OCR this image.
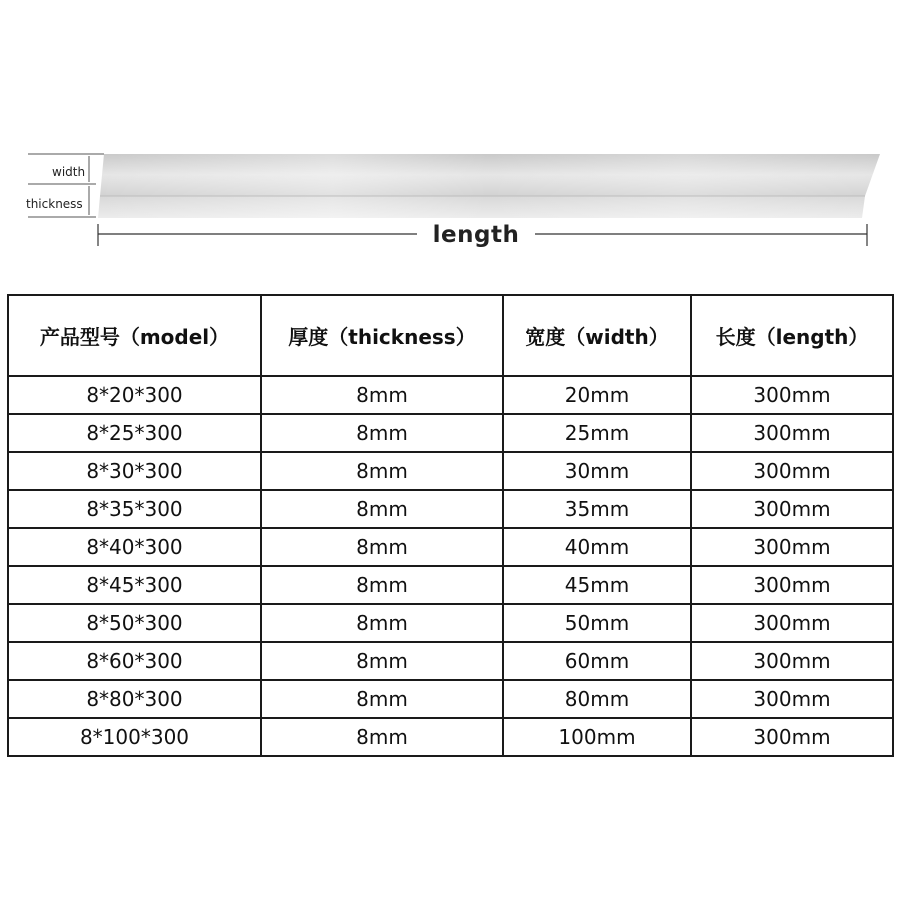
width
thickness
length
产品型号（model）	厚度（thickness）	宽度（width）	长度（length）
8*20*300	8mm	20mm	300mm
8*25*300	8mm	25mm	300mm
8*30*300	8mm	30mm	300mm
8*35*300	8mm	35mm	300mm
8*40*300	8mm	40mm	300mm
8*45*300	8mm	45mm	300mm
8*50*300	8mm	50mm	300mm
8*60*300	8mm	60mm	300mm
8*80*300	8mm	80mm	300mm
8*100*300	8mm	100mm	300mm
